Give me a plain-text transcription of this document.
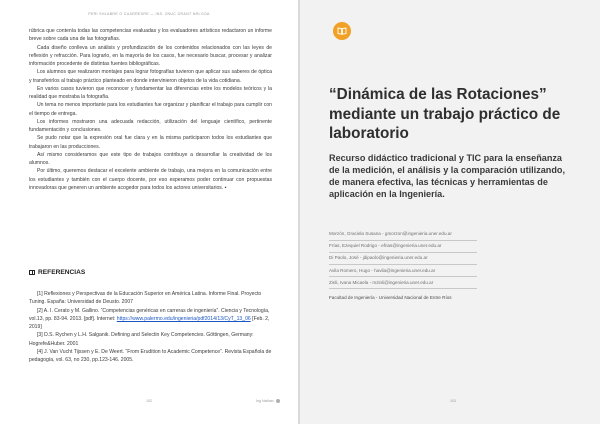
PERI SHLABRE O CUARRESRE — INS. ZNUC GRANT NRLGOA

rúbrica que contenía todas las competencias evaluadas y los evaluadores artísticos redactaron un informe breve sobre cada una de las fotografías.

Cada diseño conlleva un análisis y profundización de los contenidos relacionados con las leyes de reflexión y refracción. Para lograrlo, en la mayoría de los casos, fue necesario buscar, procesar y analizar información procedente de distintas fuentes bibliográficas.

Los alumnos que realizaron montajes para lograr fotografías tuvieron que aplicar sus saberes de óptica y transferirlos al trabajo práctico planteado en donde intervinieron objetos de la vida cotidiana.

En varios casos tuvieron que reconocer y fundamentar las diferencias entre los modelos teóricos y la realidad que mostraba la fotografía.

Un tema no menos importante para los estudiantes fue organizar y planificar el trabajo para cumplir con el tiempo de entrega.

Los informes mostraron una adecuada redacción, utilización del lenguaje científico, pertinente fundamentación y conclusiones.

Se pudo notar que la expresión oral fue clara y en la misma participaron todos los estudiantes que trabajaron en las producciones.

Así mismo consideramos que este tipo de trabajos contribuye a desarrollar la creatividad de los alumnos.

Por último, queremos destacar el excelente ambiente de trabajo, una mejora en la comunicación entre los estudiantes y también con el cuerpo docente, por eso esperamos poder continuar con propuestas innovadoras que generen un ambiente acogedor para todos los actores universitarios. ▪

REFERENCIAS

[1] Reflexiones y Perspectivas de la Educación Superior en América Latina. Informe Final. Proyecto Tuning. España: Universidad de Deusto. 2007

[2] A. I. Cerato y M. Gallino. “Competencias genéricas en carreras de ingeniería”. Ciencia y Tecnología, vol.13, pp. 83-94. 2013. [pdf]. Internet: https://www.palermo.edu/ingenieria/pdf2014/13/CyT_13_06 [Feb. 2, 2019]

[3] D.S. Rychen y L.H. Salganik. Defining and Selectin Key Competencies. Göttingen, Germany: Hogrefe&Huber. 2001

[4] J. Van Vucht Tijssen y E. De Weert. “From Erudition to Academic Competence”. Revista Española de pedagogía, vol. 63, no 230, pp.123-146. 2005.

102	Ing Nathan
“Dinámica de las Rotaciones” mediante un trabajo práctico de laboratorio
Recurso didáctico tradicional y TIC para la enseñanza de la medición, el análisis y la comparación utilizando, de manera efectiva, las técnicas y herramientas de aplicación en la Ingeniería.
Morzón, Graciela Susana - gmorzon@ingenieria.uner.edu.ar
Frías, Ezequiel Rodrigo - efrias@ingenieria.uner.edu.ar
Di Paolo, José - jdipaolo@ingenieria.uner.edu.ar
Avila Romero, Hugo - havila@ingenieria.uner.edu.ar
Zinli, Ivana Micaela - mzinli@ingenieria.uner.edu.ar
Facultad de Ingeniería - Universidad Nacional de Entre Ríos
103
